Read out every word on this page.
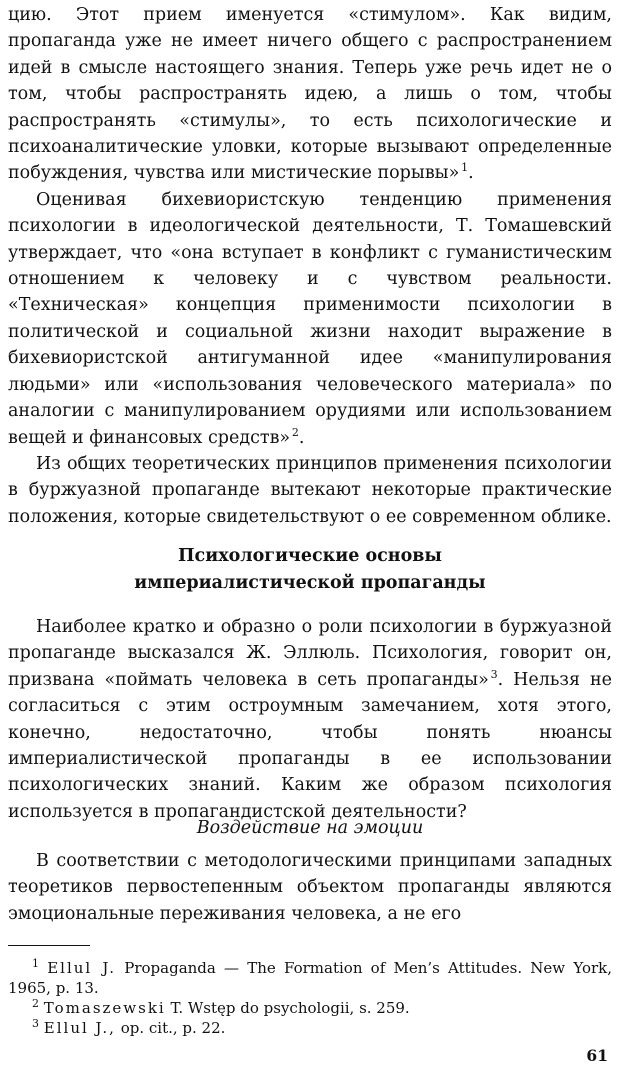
цию. Этот прием именуется «стимулом». Как видим, пропаганда уже не имеет ничего общего с распространением идей в смысле настоящего знания. Теперь уже речь идет не о том, чтобы распространять идею, а лишь о том, чтобы распространять «стимулы», то есть психологические и психоаналитические уловки, которые вызывают определенные побуждения, чувства или мистические порывы»  $^1$.

Оценивая бихевиористскую тенденцию применения психологии в идеологической деятельности, Т. Томашевский утверждает, что «она вступает в конфликт с гуманистическим отношением к человеку и с чувством реальности. «Техническая» концепция применимости психологии в политической и социальной жизни находит выражение в бихевиористской антигуманной идее «манипулирования людьми» или «использования человеческого материала» по аналогии с манипулированием орудиями или использованием вещей и финансовых средств»  $^2$.

Из общих теоретических принципов применения психологии в буржуазной пропаганде вытекают некоторые практические положения, которые свидетельствуют о ее современном облике.

Психологические основы
империалистической пропаганды

Наиболее кратко и образно о роли психологии в буржуазной пропаганде высказался Ж. Эллюль. Психология, говорит он, призвана «поймать человека в сеть пропаганды»  $^3$. Нельзя не согласиться с этим остроумным замечанием, хотя этого, конечно, недостаточно, чтобы понять нюансы империалистической пропаганды в ее использовании психологических знаний. Каким же образом психология используется в пропагандистской деятельности?

Воздействие на эмоции

В соответствии с методологическими принципами западных теоретиков первостепенным объектом пропаганды являются эмоциональные переживания человека, а не его

$^1$ Ellul J. Propaganda — The Formation of Men’s Attitudes. New York, 1965, p. 13.

$^2$ Tomaszewski T. Wstęp do psychologii, s. 259.

$^3$ Ellul J., op. cit., p. 22.

61
